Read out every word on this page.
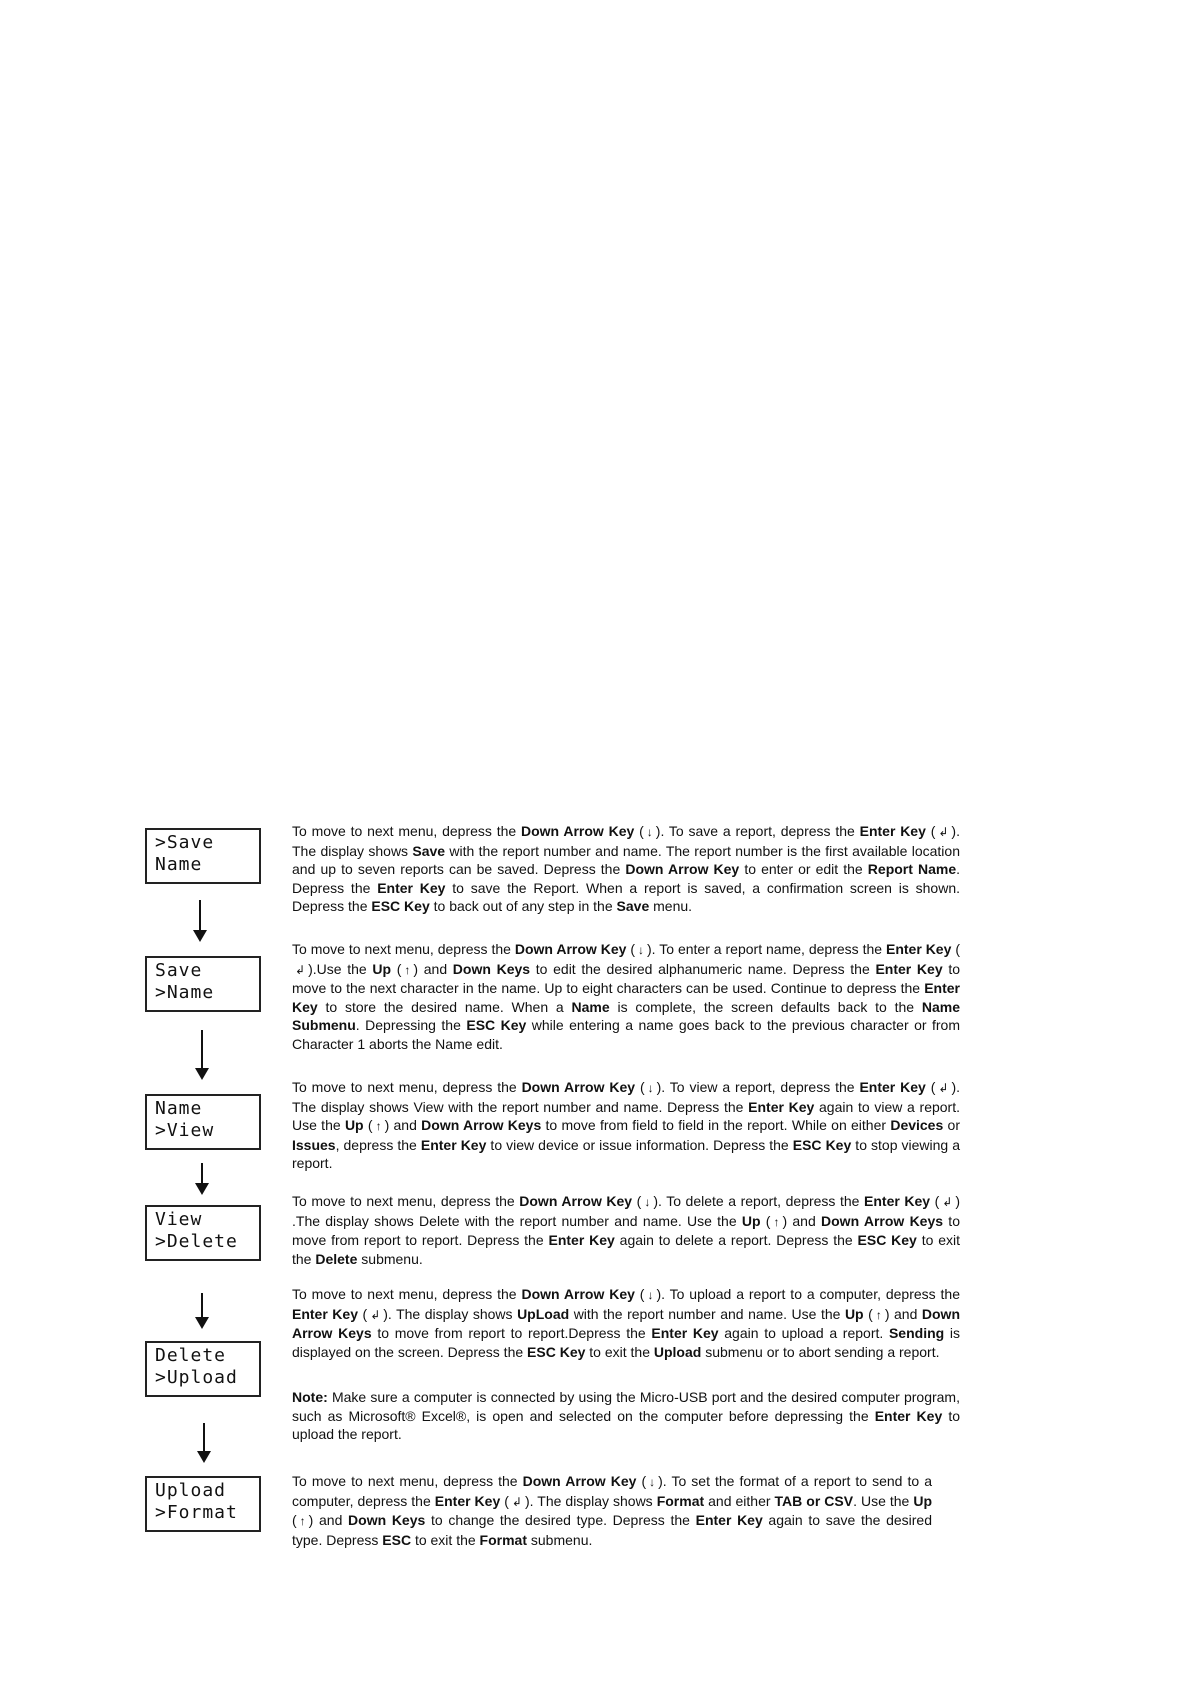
>Save
Name
Save
>Name
Name
>View
View
>Delete
Delete
>Upload
Upload
>Format
To move to next menu, depress the Down Arrow Key ( ↓ ). To save a report, depress the Enter Key ( ↲ ). The display shows Save with the report number and name. The report number is the first available location and up to seven reports can be saved. Depress the Down Arrow Key to enter or edit the Report Name. Depress the Enter Key to save the Report. When a report is saved, a confirmation screen is shown. Depress the ESC Key to back out of any step in the Save menu.
To move to next menu, depress the Down Arrow Key ( ↓ ). To enter a report name, depress the Enter Key (↲ ).Use the Up ( ↑ ) and Down Keys to edit the desired alphanumeric name. Depress the Enter Key to move to the next character in the name. Up to eight characters can be used. Continue to depress the Enter Key to store the desired name. When a Name is complete, the screen defaults back to the Name Submenu. Depressing the ESC Key while entering a name goes back to the previous character or from Character 1 aborts the Name edit.
To move to next menu, depress the Down Arrow Key ( ↓ ). To view a report, depress the Enter Key ( ↲ ). The display shows View with the report number and name. Depress the Enter Key again to view a report. Use the Up ( ↑ ) and Down Arrow Keys to move from field to field in the report. While on either Devices or Issues, depress the Enter Key to view device or issue information. Depress the ESC Key to stop viewing a report.
To move to next menu, depress the Down Arrow Key ( ↓ ). To delete a report, depress the Enter Key ( ↲ ) .The display shows Delete with the report number and name. Use the Up ( ↑ ) and Down Arrow Keys to move from report to report. Depress the Enter Key again to delete a report. Depress the ESC Key to exit the Delete submenu.
To move to next menu, depress the Down Arrow Key ( ↓ ). To upload a report to a computer, depress the Enter Key ( ↲ ). The display shows UpLoad with the report number and name. Use the Up ( ↑ ) and Down Arrow Keys to move from report to report.Depress the Enter Key again to upload a report. Sending is displayed on the screen. Depress the ESC Key to exit the Upload submenu or to abort sending a report.
Note: Make sure a computer is connected by using the Micro-USB port and the desired computer program, such as Microsoft® Excel®, is open and selected on the computer before depressing the Enter Key to upload the report.
To move to next menu, depress the Down Arrow Key ( ↓ ). To set the format of a report to send to a computer, depress the Enter Key ( ↲ ). The display shows Format and either TAB or CSV. Use the Up ( ↑ ) and Down Keys to change the desired type. Depress the Enter Key again to save the desired type. Depress ESC to exit the Format submenu.
